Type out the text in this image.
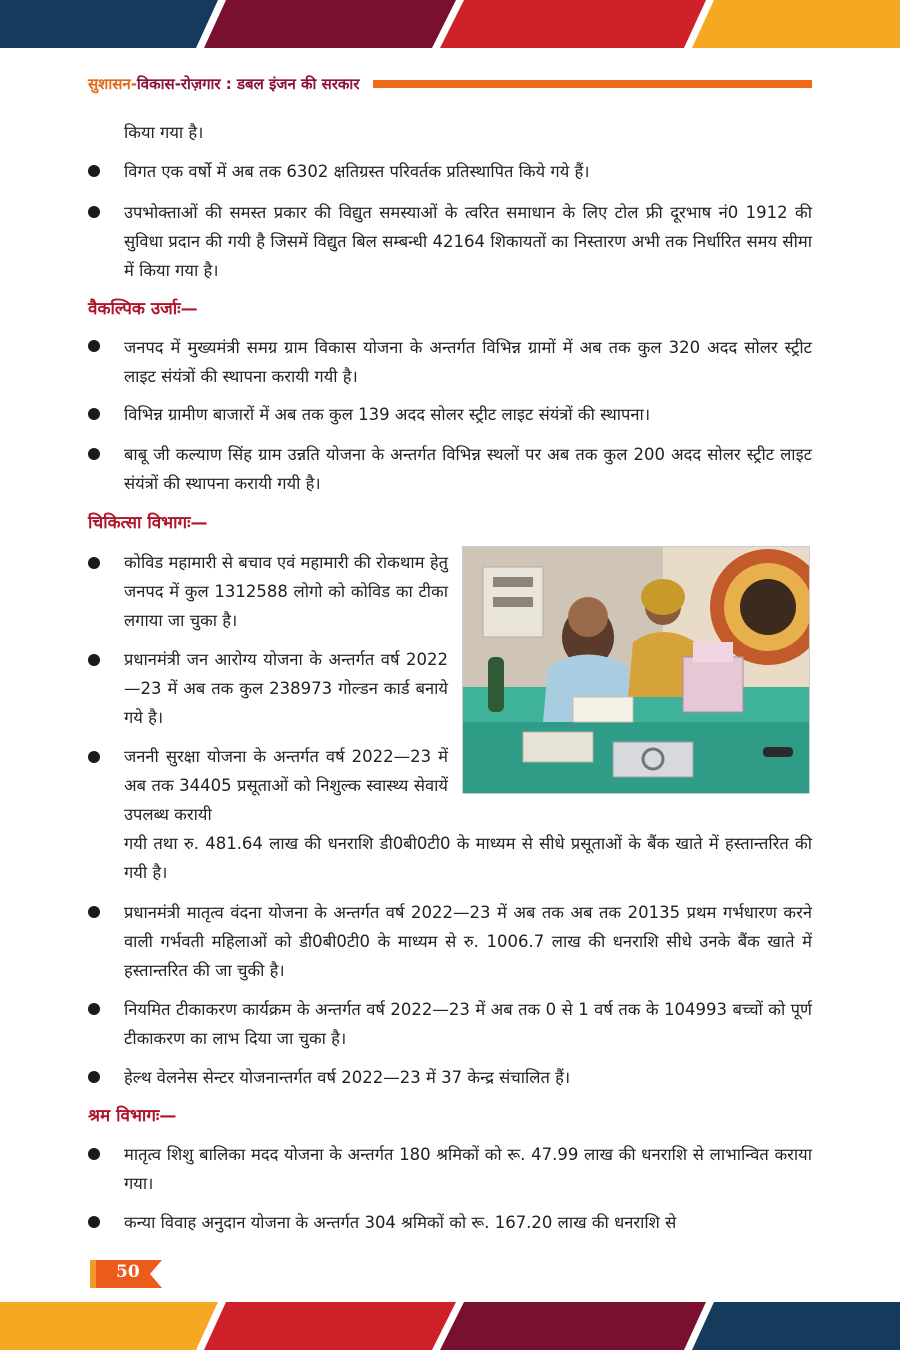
सुशासन-विकास-रोज़गार : डबल इंजन की सरकार
किया गया है।
विगत एक वर्षो में अब तक 6302 क्षतिग्रस्त परिवर्तक प्रतिस्थापित किये गये हैं।
उपभोक्ताओं की समस्त प्रकार की विद्युत समस्याओं के त्वरित समाधान के लिए टोल फ्री दूरभाष नं0 1912 की सुविधा प्रदान की गयी है जिसमें विद्युत बिल सम्बन्धी 42164 शिकायतों का निस्तारण अभी तक निर्धारित समय सीमा में किया गया है।
वैकल्पिक उर्जाः—
जनपद में मुख्यमंत्री समग्र ग्राम विकास योजना के अन्तर्गत विभिन्न ग्रामों में अब तक कुल 320 अदद सोलर स्ट्रीट लाइट संयंत्रों की स्थापना करायी गयी है।
विभिन्न ग्रामीण बाजारों में अब तक कुल 139 अदद सोलर स्ट्रीट लाइट संयंत्रों की स्थापना।
बाबू जी कल्याण सिंह ग्राम उन्नति योजना के अन्तर्गत विभिन्न स्थलों पर अब तक कुल 200 अदद सोलर स्ट्रीट लाइट संयंत्रों की स्थापना करायी गयी है।
चिकित्सा विभागः—
कोविड महामारी से बचाव एवं महामारी की रोकथाम हेतु जनपद में कुल 1312588 लोगो को कोविड का टीका लगाया जा चुका है।
प्रधानमंत्री जन आरोग्य योजना के अन्तर्गत वर्ष 2022—23 में अब तक कुल 238973 गोल्डन कार्ड बनाये गये है।
जननी सुरक्षा योजना के अन्तर्गत वर्ष 2022—23 में अब तक 34405 प्रसूताओं को निशुल्क स्वास्थ्य सेवायें उपलब्ध करायी
गयी तथा रु. 481.64 लाख की धनराशि डी0बी0टी0 के माध्यम से सीधे प्रसूताओं के बैंक खाते में हस्तान्तरित की गयी है।
प्रधानमंत्री मातृत्व वंदना योजना के अन्तर्गत वर्ष 2022—23 में अब तक अब तक 20135 प्रथम गर्भधारण करने वाली गर्भवती महिलाओं को डी0बी0टी0 के माध्यम से रु. 1006.7 लाख की धनराशि सीधे उनके बैंक खाते में हस्तान्तरित की जा चुकी है।
नियमित टीकाकरण कार्यक्रम के अन्तर्गत वर्ष 2022—23 में अब तक 0 से 1 वर्ष तक के 104993 बच्चों को पूर्ण टीकाकरण का लाभ दिया जा चुका है।
हेल्थ वेलनेस सेन्टर योजनान्तर्गत वर्ष 2022—23 में 37 केन्द्र संचालित हैं।
श्रम विभागः—
मातृत्व शिशु बालिका मदद योजना के अन्तर्गत 180 श्रमिकों को रू. 47.99 लाख की धनराशि से लाभान्वित कराया गया।
कन्या विवाह अनुदान योजना के अन्तर्गत 304 श्रमिकों को रू. 167.20 लाख की धनराशि से
50
